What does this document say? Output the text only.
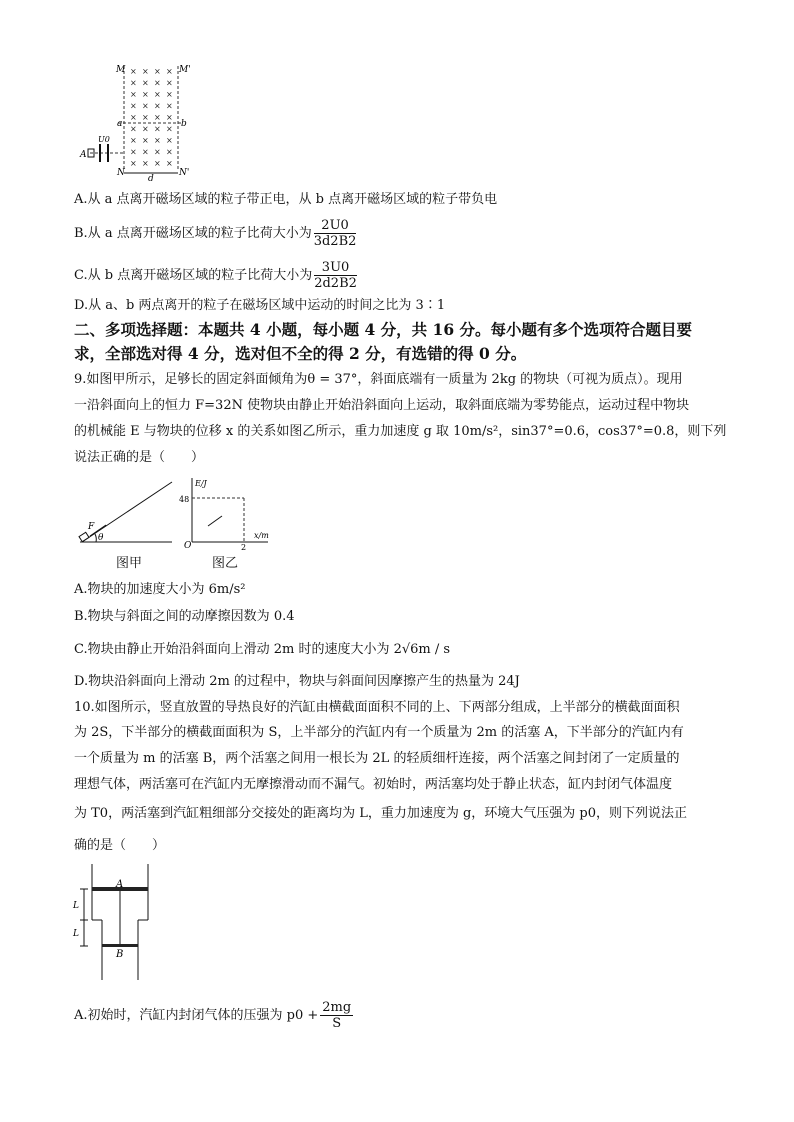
× × × ×
× × × ×
× × × ×
× × × ×
× × × ×
× × × ×
× × × ×
× × × ×
× × × ×
M	M'
a	b
A
U0
N	N'
d
A.从 a 点离开磁场区域的粒子带正电，从 b 点离开磁场区域的粒子带负电
B.从 a 点离开磁场区域的粒子比荷大小为 $\frac{2U0}{3d2B2}$
C.从 b 点离开磁场区域的粒子比荷大小为 $\frac{3U0}{2d2B2}$
D.从 a、b 两点离开的粒子在磁场区域中运动的时间之比为 3∶1
二、多项选择题：本题共 4 小题，每小题 4 分，共 16 分。每小题有多个选项符合题目要
求，全部选对得 4 分，选对但不全的得 2 分，有选错的得 0 分。
9.如图甲所示，足够长的固定斜面倾角为θ = 37°，斜面底端有一质量为 2kg 的物块（可视为质点）。现用
一沿斜面向上的恒力 F=32N 使物块由静止开始沿斜面向上运动，取斜面底端为零势能点，运动过程中物块
的机械能 E 与物块的位移 x 的关系如图乙所示，重力加速度 g 取 10m/s²，sin37°=0.6，cos37°=0.8，则下列
说法正确的是（　　）
F
θ
E/J
48
x/m
O	2
图甲	图乙
A.物块的加速度大小为 6m/s²
B.物块与斜面之间的动摩擦因数为 0.4
C.物块由静止开始沿斜面向上滑动 2m 时的速度大小为 2√6m / s
D.物块沿斜面向上滑动 2m 的过程中，物块与斜面间因摩擦产生的热量为 24J
10.如图所示，竖直放置的导热良好的汽缸由横截面面积不同的上、下两部分组成，上半部分的横截面面积
为 2S，下半部分的横截面面积为 S，上半部分的汽缸内有一个质量为 2m 的活塞 A，下半部分的汽缸内有
一个质量为 m 的活塞 B，两个活塞之间用一根长为 2L 的轻质细杆连接，两个活塞之间封闭了一定质量的
理想气体，两活塞可在汽缸内无摩擦滑动而不漏气。初始时，两活塞均处于静止状态，缸内封闭气体温度
为 T0，两活塞到汽缸粗细部分交接处的距离均为 L，重力加速度为 g，环境大气压强为 p0，则下列说法正
确的是（　　）
A
B
L
L
A.初始时，汽缸内封闭气体的压强为 $p0 + \frac{2mg}{S}$
